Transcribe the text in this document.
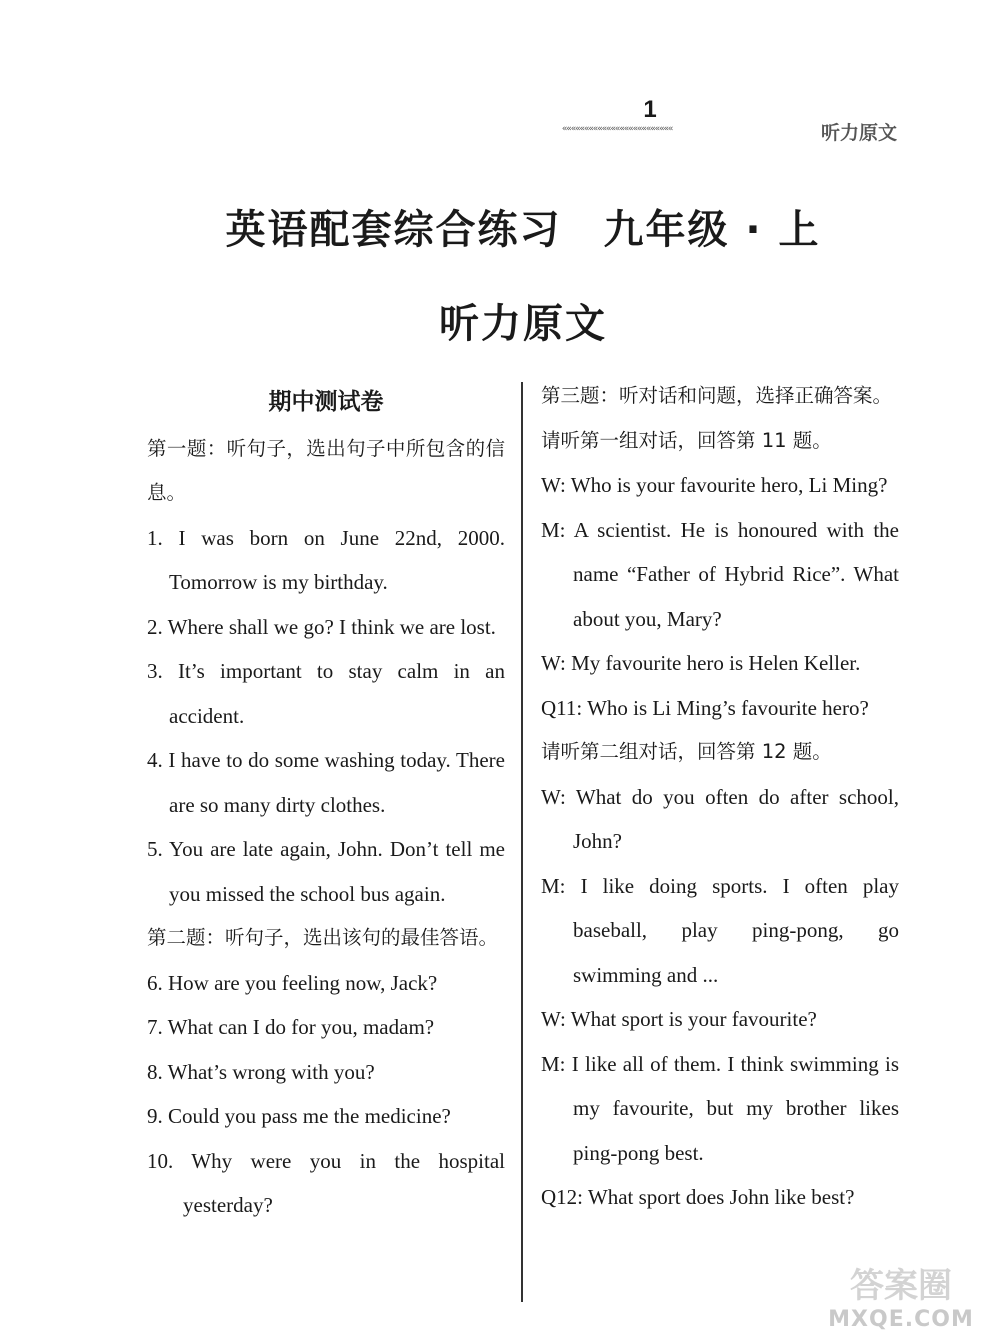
1
«««««««««««««««««««««««««	听力原文
英语配套综合练习　九年级 · 上
听力原文
期中测试卷
第一题：听句子，选出句子中所包含的信息。
1. I was born on June 22nd, 2000. Tomorrow is my birthday.
2. Where shall we go? I think we are lost.
3. It’s important to stay calm in an accident.
4. I have to do some washing today. There are so many dirty clothes.
5. You are late again, John. Don’t tell me you missed the school bus again.
第二题：听句子，选出该句的最佳答语。
6. How are you feeling now, Jack?
7. What can I do for you, madam?
8. What’s wrong with you?
9. Could you pass me the medicine?
10. Why were you in the hospital yesterday?
第三题：听对话和问题，选择正确答案。
请听第一组对话，回答第 11 题。
W: Who is your favourite hero, Li Ming?
M: A scientist. He is honoured with the name “Father of Hybrid Rice”. What about you, Mary?
W: My favourite hero is Helen Keller.
Q11: Who is Li Ming’s favourite hero?
请听第二组对话，回答第 12 题。
W: What do you often do after school, John?
M: I like doing sports. I often play baseball, play ping-pong, go swimming and ...
W: What sport is your favourite?
M: I like all of them. I think swimming is my favourite, but my brother likes ping-pong best.
Q12: What sport does John like best?
答案圈
MXQE.COM
